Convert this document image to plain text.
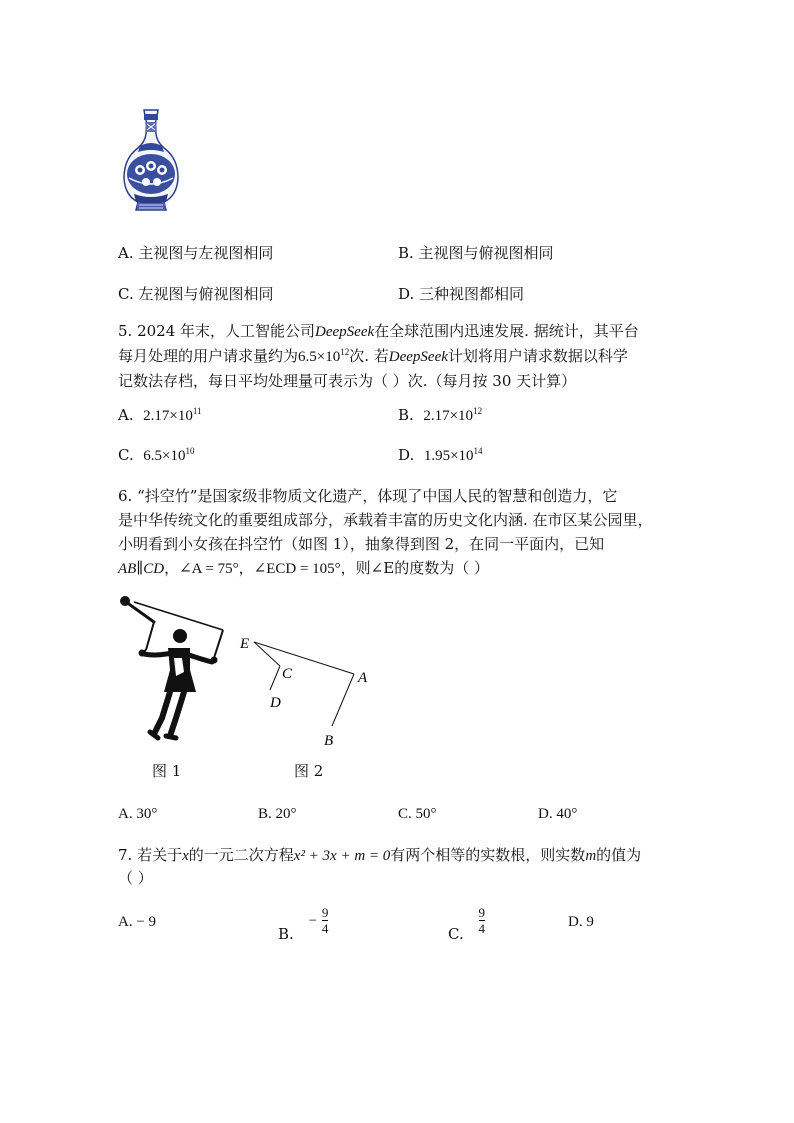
A. 主视图与左视图相同	B. 主视图与俯视图相同
C. 左视图与俯视图相同	D. 三种视图都相同
5. 2024 年末，人工智能公司DeepSeek在全球范围内迅速发展. 据统计，其平台
每月处理的用户请求量约为$6.5\times 10^{12}$次. 若DeepSeek计划将用户请求数据以科学
记数法存档，每日平均处理量可表示为（ ）次.（每月按 30 天计算）
A. $2.17\times 10^{11}$	B. $2.17\times 10^{12}$
C. $6.5\times 10^{10}$	D. $1.95\times 10^{14}$
6. “抖空竹”是国家级非物质文化遗产，体现了中国人民的智慧和创造力，它
是中华传统文化的重要组成部分，承载着丰富的历史文化内涵. 在市区某公园里，
小明看到小女孩在抖空竹（如图 1），抽象得到图 2，在同一平面内，已知
AB∥CD，∠A = 75°，∠ECD = 105°，则∠E的度数为（ ）
图 1
E
C
D
A
B
图 2
A. 30°	B. 20°	C. 50°	D. 40°
7. 若关于x的一元二次方程x² + 3x + m = 0有两个相等的实数根，则实数m的值为
（ ）
A. − 9
B. − $\frac{9}{4}$	C. $\frac{9}{4}$	D. 9
